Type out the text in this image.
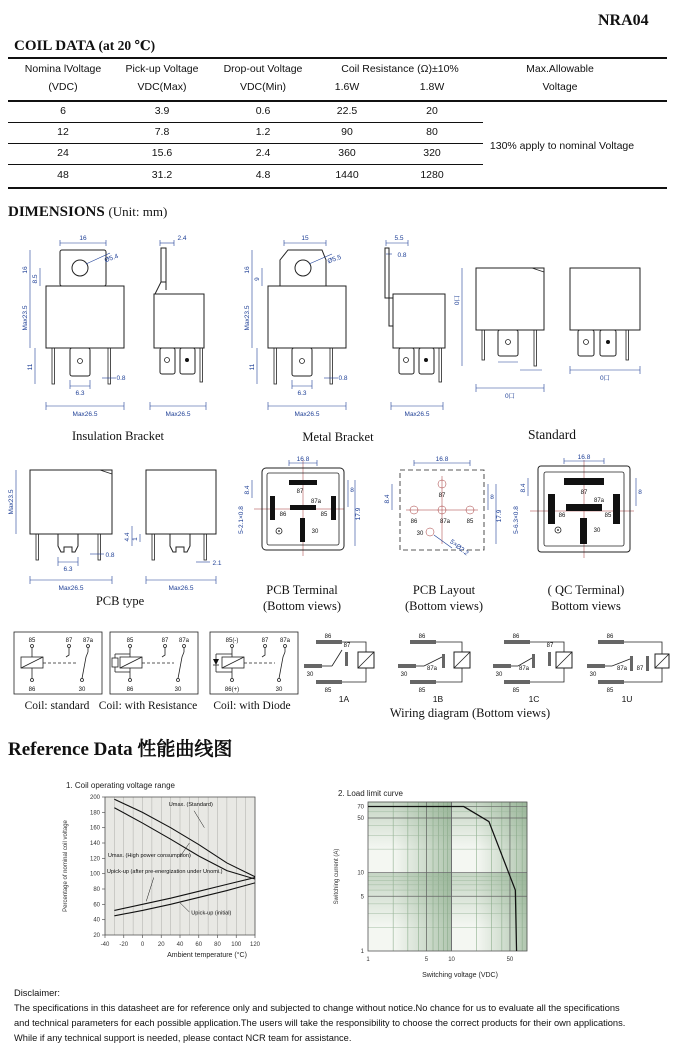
NRA04
COIL DATA (at 20 ℃)
Nomina lVoltage Pick-up Voltage Drop-out Voltage	Coil Resistance (Ω)±10%	Max.Allowable
(VDC)	VDC(Max)	VDC(Min)	1.6W	1.8W	Voltage
6	3.9	0.6	22.5	20
12	7.8	1.2	90	80
24	15.6	2.4	360	320
48	31.2	4.8	1440	1280
130% apply to nominal Voltage
DIMENSIONS (Unit: mm)
16
Ø5.4
16
8.5
Max23.5
11
6.3
0.8
Max26.5
2.4
Max26.5
Insulation Bracket
15
Ø5.5
16
9
Max23.5
11
6.3
0.8
Max26.5
5.5
0.8
Max26.5
Metal Bracket
0口
0口
0口
Standard
Max23.5
6.3
0.8
Max26.5
4.4 1
2.1
Max26.5
PCB type
87
87a
86	85
30
16.8
8.4
5-2.1×0.8
8
17.9
PCB Terminal
(Bottom views)
87
86	87a	85
30
5×Ø2.2
16.8
8.4	8
17.9
PCB Layout
(Bottom views)
87
87a
86	85
30
16.8
8.4
5-6.3×0.8
8
( QC Terminal)
Bottom views
85	87 87a
86	30
Coil: standard
85	87 87a
86	30
Coil: with Resistance
85(-)	87 87a
86(+)	30
Coil: with Diode
86
85
30
87
1A
86
85
30
87a
1B
86
85
30
87a
87
1C
86
85
30
87a 87
1U
Wiring diagram (Bottom views)
Reference Data 性能曲线图
1. Coil operating voltage range
20
40
60
80
100
120
140
160
180
200
-40 -20 0 20 40 60 80 100 120
Percentage of nominal coil voltage
Umax. (Standard)
Umax. (High power consumption)
Upick-up (after pre-energization under Unomi.)
Upick-up (initial)
Ambient temperature (°C)
2. Load limit curve
1
5
10
50
70
1	5	10	50
Switching current (A)
Switching voltage (VDC)
Disclaimer:
The specifications in this datasheet are for reference only and subjected to change without notice.No chance for us to evaluate all the specifications
and technical parameters for each possible application.The users will take the responsibility to choose the correct products for their own applications.
While if any technical support is needed, please contact NCR team for assistance.
